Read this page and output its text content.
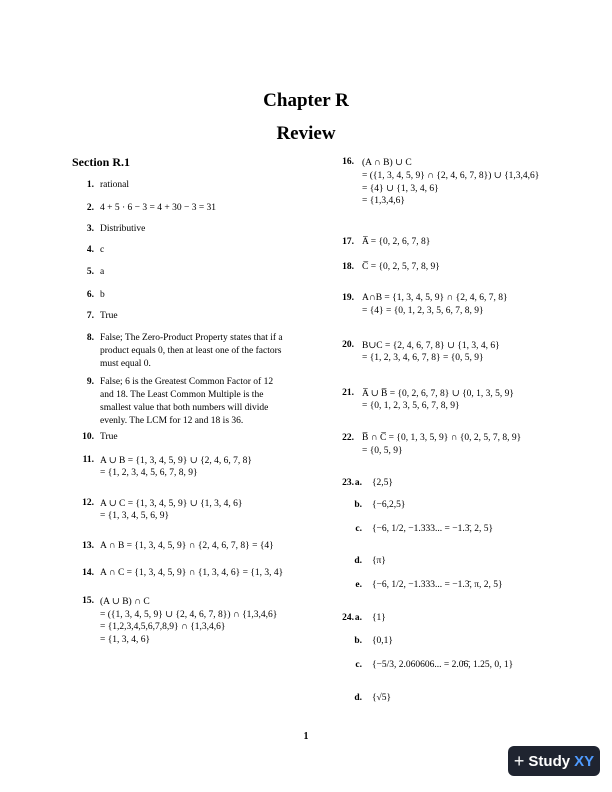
Chapter R
Review
Section R.1
1. rational
2. 4 + 5 · 6 − 3 = 4 + 30 − 3 = 31
3. Distributive
4. c
5. a
6. b
7. True
8. False; The Zero-Product Property states that if a
product equals 0, then at least one of the factors
must equal 0.
9. False; 6 is the Greatest Common Factor of 12
and 18. The Least Common Multiple is the
smallest value that both numbers will divide
evenly. The LCM for 12 and 18 is 36.
10. True
11. A ∪ B = {1, 3, 4, 5, 9} ∪ {2, 4, 6, 7, 8}
= {1, 2, 3, 4, 5, 6, 7, 8, 9}
12. A ∪ C = {1, 3, 4, 5, 9} ∪ {1, 3, 4, 6}
= {1, 3, 4, 5, 6, 9}
13. A ∩ B = {1, 3, 4, 5, 9} ∩ {2, 4, 6, 7, 8} = {4}
14. A ∩ C = {1, 3, 4, 5, 9} ∩ {1, 3, 4, 6} = {1, 3, 4}
15. (A ∪ B) ∩ C
= ({1, 3, 4, 5, 9} ∪ {2, 4, 6, 7, 8}) ∩ {1,3,4,6}
= {1,2,3,4,5,6,7,8,9} ∩ {1,3,4,6}
= {1, 3, 4, 6}
16. (A ∩ B) ∪ C
= ({1, 3, 4, 5, 9} ∩ {2, 4, 6, 7, 8}) ∪ {1,3,4,6}
= {4} ∪ {1, 3, 4, 6}
= {1,3,4,6}
17. A̅ = {0, 2, 6, 7, 8}
18. C̅ = {0, 2, 5, 7, 8, 9}
19. A∩B = {1, 3, 4, 5, 9} ∩ {2, 4, 6, 7, 8}
= {4} = {0, 1, 2, 3, 5, 6, 7, 8, 9}
20. B∪C = {2, 4, 6, 7, 8} ∪ {1, 3, 4, 6}
= {1, 2, 3, 4, 6, 7, 8} = {0, 5, 9}
21. A̅ ∪ B̅ = {0, 2, 6, 7, 8} ∪ {0, 1, 3, 5, 9}
= {0, 1, 2, 3, 5, 6, 7, 8, 9}
22. B̅ ∩ C̅ = {0, 1, 3, 5, 9} ∩ {0, 2, 5, 7, 8, 9}
= {0, 5, 9}
23. a. {2,5}
b. {−6,2,5}
c. {−6, 1/2, −1.333... = −1.3̄, 2, 5}
d. {π}
e. {−6, 1/2, −1.333... = −1.3̄, π, 2, 5}
24. a. {1}
b. {0,1}
c. {−5/3, 2.060606... = 2.0̄6̄, 1.25, 0, 1}
d. {√5}
1
+ Study XY
